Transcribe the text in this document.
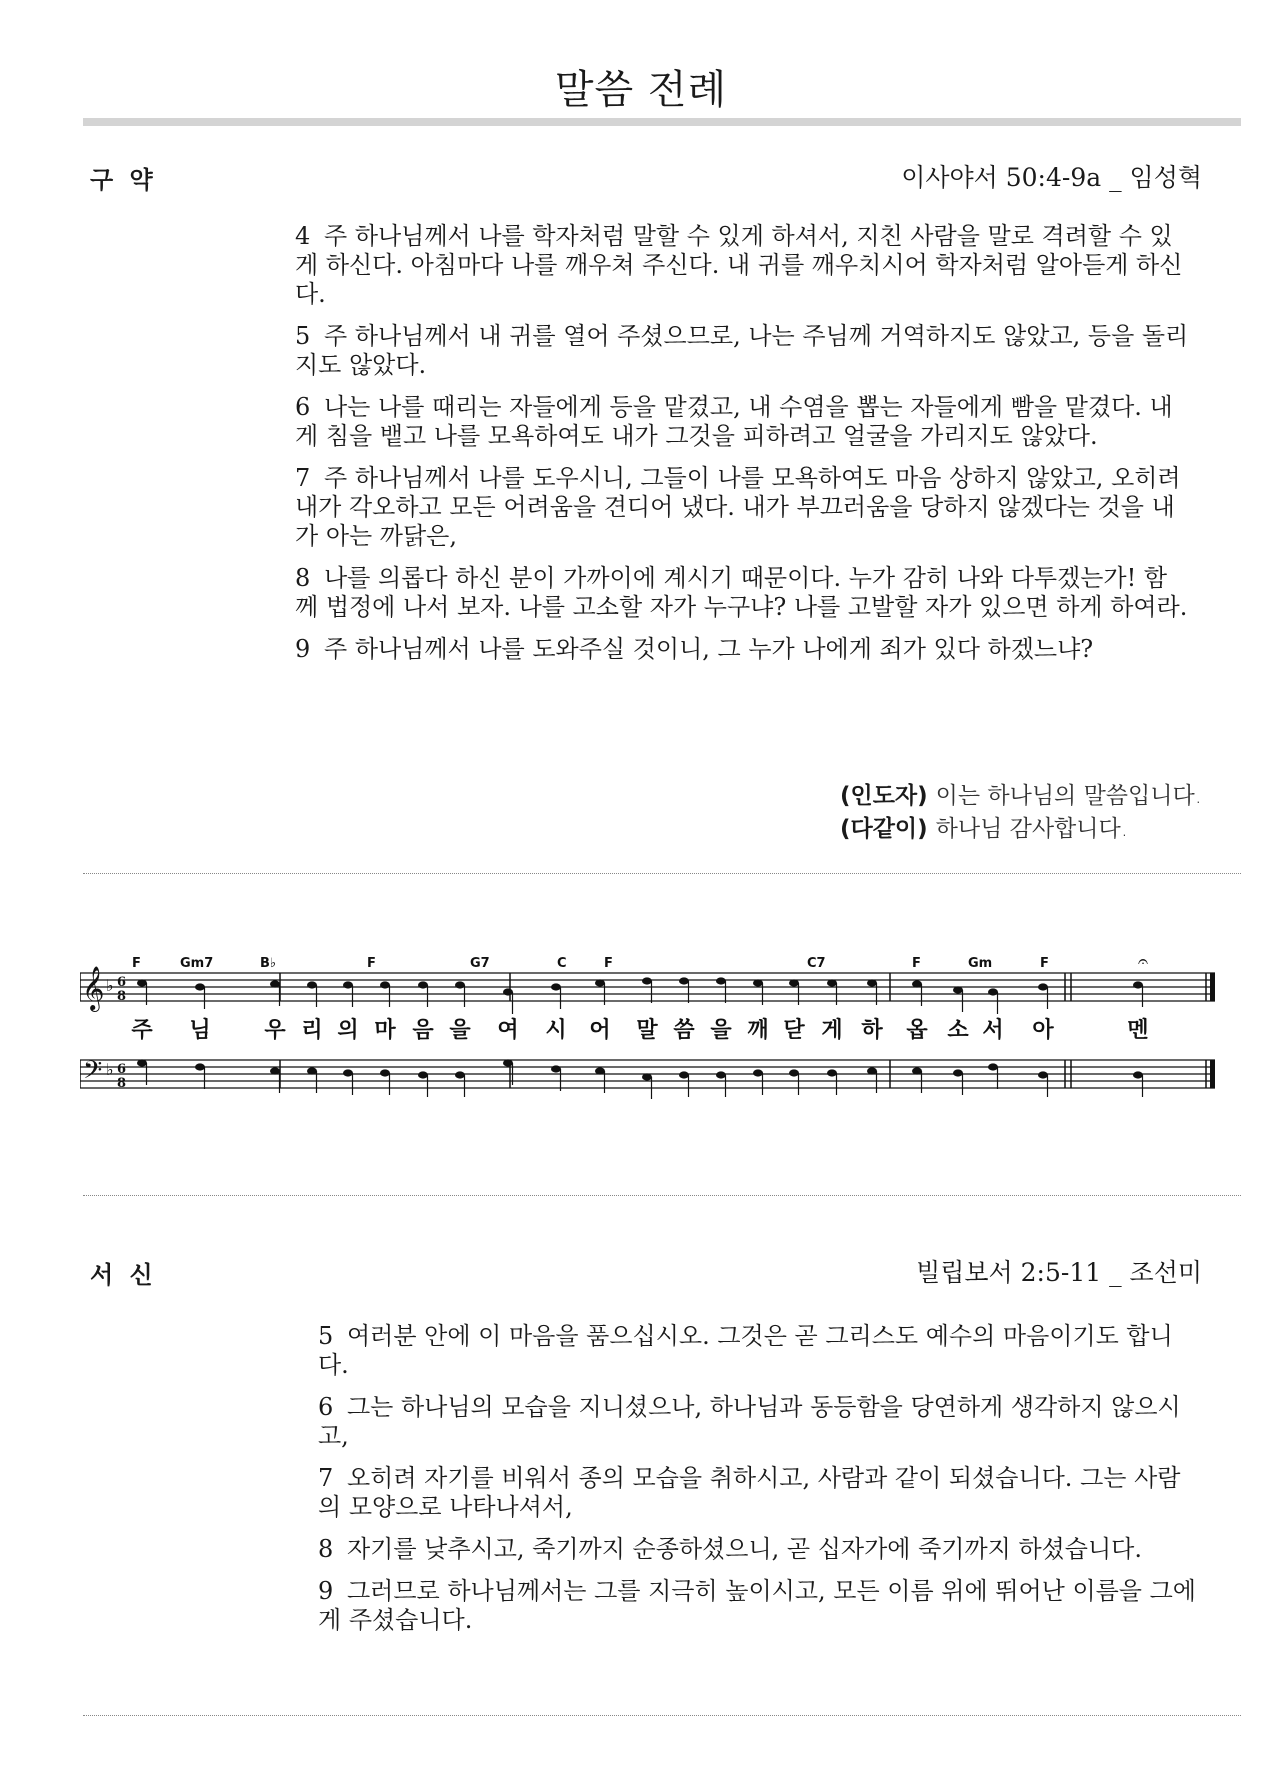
말씀 전례
구 약	이사야서 50:4-9a _ 임성혁
4 주 하나님께서 나를 학자처럼 말할 수 있게 하셔서, 지친 사람을 말로 격려할 수 있
게 하신다. 아침마다 나를 깨우쳐 주신다. 내 귀를 깨우치시어 학자처럼 알아듣게 하신
다.
5 주 하나님께서 내 귀를 열어 주셨으므로, 나는 주님께 거역하지도 않았고, 등을 돌리
지도 않았다.
6 나는 나를 때리는 자들에게 등을 맡겼고, 내 수염을 뽑는 자들에게 빰을 맡겼다. 내
게 침을 뱉고 나를 모욕하여도 내가 그것을 피하려고 얼굴을 가리지도 않았다.
7 주 하나님께서 나를 도우시니, 그들이 나를 모욕하여도 마음 상하지 않았고, 오히려
내가 각오하고 모든 어려움을 견디어 냈다. 내가 부끄러움을 당하지 않겠다는 것을 내
가 아는 까닭은,
8 나를 의롭다 하신 분이 가까이에 계시기 때문이다. 누가 감히 나와 다투겠는가! 함
께 법정에 나서 보자. 나를 고소할 자가 누구냐? 나를 고발할 자가 있으면 하게 하여라.
9 주 하나님께서 나를 도와주실 것이니, 그 누가 나에게 죄가 있다 하겠느냐?
(인도자) 이는 하나님의 말씀입니다.
(다같이) 하나님 감사합니다.
𝄞
𝄢
♭
♭
6
8
6
8
𝄐
F	Gm7	B♭	F	G7	C	F	C7	F	Gm	F
주 님 우 리 의 마 음 을 여 시 어 말 씀 을 깨 닫 게 하 옵 소 서 아	멘
서 신	빌립보서 2:5-11 _ 조선미
5 여러분 안에 이 마음을 품으십시오. 그것은 곧 그리스도 예수의 마음이기도 합니
다.
6 그는 하나님의 모습을 지니셨으나, 하나님과 동등함을 당연하게 생각하지 않으시
고,
7 오히려 자기를 비워서 종의 모습을 취하시고, 사람과 같이 되셨습니다. 그는 사람
의 모양으로 나타나셔서,
8 자기를 낮추시고, 죽기까지 순종하셨으니, 곧 십자가에 죽기까지 하셨습니다.
9 그러므로 하나님께서는 그를 지극히 높이시고, 모든 이름 위에 뛰어난 이름을 그에
게 주셨습니다.
